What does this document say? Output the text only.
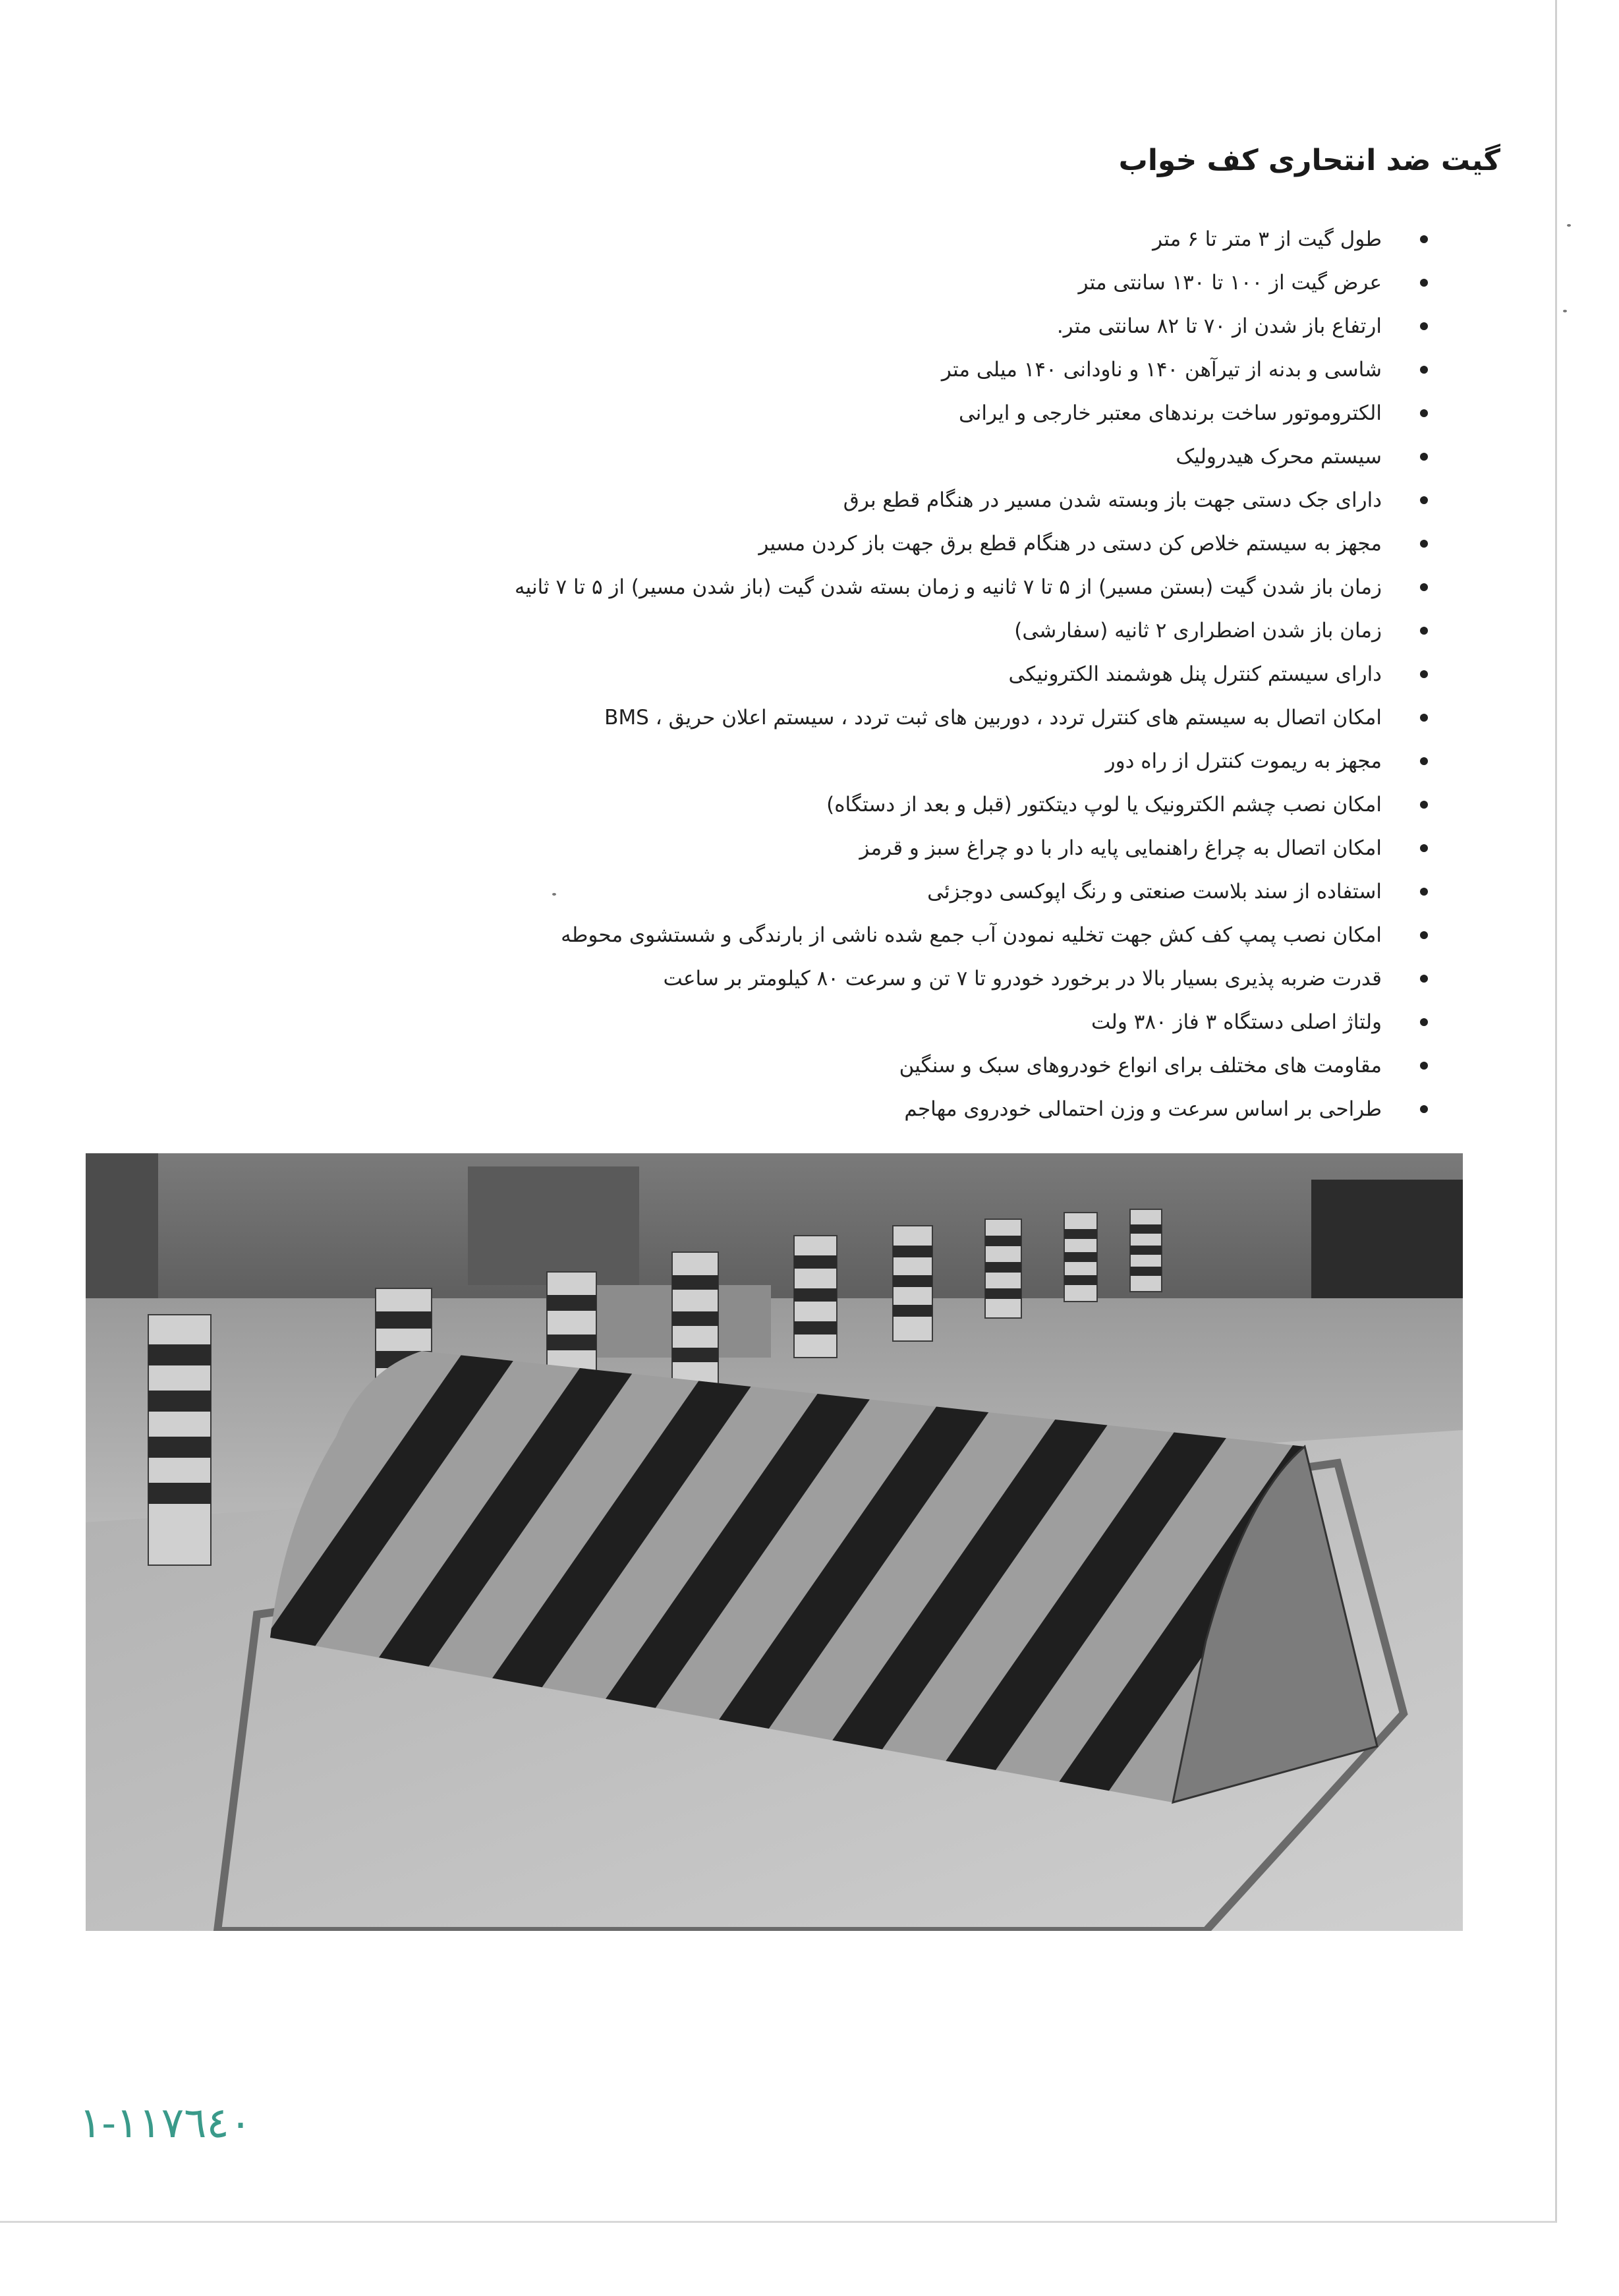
گیت ضد انتحاری کف خواب
طول گیت از ۳ متر تا ۶ متر
عرض گیت از ۱۰۰ تا ۱۳۰ سانتی متر
ارتفاع باز شدن از ۷۰ تا ۸۲ سانتی متر.
شاسی و بدنه از تیرآهن ۱۴۰ و ناودانی ۱۴۰ میلی متر
الکتروموتور ساخت برندهای معتبر خارجی و ایرانی
سیستم محرک هیدرولیک
دارای جک دستی جهت باز وبسته شدن مسیر در هنگام قطع برق
مجهز به سیستم خلاص کن دستی در هنگام قطع برق جهت باز کردن مسیر
زمان باز شدن گیت (بستن مسیر) از ۵ تا ۷ ثانیه و زمان بسته شدن گیت (باز شدن مسیر) از ۵ تا ۷ ثانیه
زمان باز شدن اضطراری ۲ ثانیه (سفارشی)
دارای سیستم کنترل پنل هوشمند الکترونیکی
امکان اتصال به سیستم های کنترل تردد ، دوربین های ثبت تردد ، سیستم اعلان حریق ، BMS
مجهز به ریموت کنترل از راه دور
امکان نصب چشم الکترونیک یا لوپ دیتکتور (قبل و بعد از دستگاه)
امکان اتصال به چراغ راهنمایی پایه دار با دو چراغ سبز و قرمز
استفاده از سند بلاست صنعتی و رنگ اپوکسی دوجزئی
امکان نصب پمپ کف کش جهت تخلیه نمودن آب جمع شده ناشی از بارندگی و شستشوی محوطه
قدرت ضربه پذیری بسیار بالا در برخورد خودرو تا ۷ تن و سرعت ۸۰ کیلومتر بر ساعت
ولتاژ اصلی دستگاه ۳ فاز ۳۸۰ ولت
مقاومت های مختلف برای انواع خودروهای سبک و سنگین
طراحی بر اساس سرعت و وزن احتمالی خودروی مهاجم
١١٧٦٤٠-١
